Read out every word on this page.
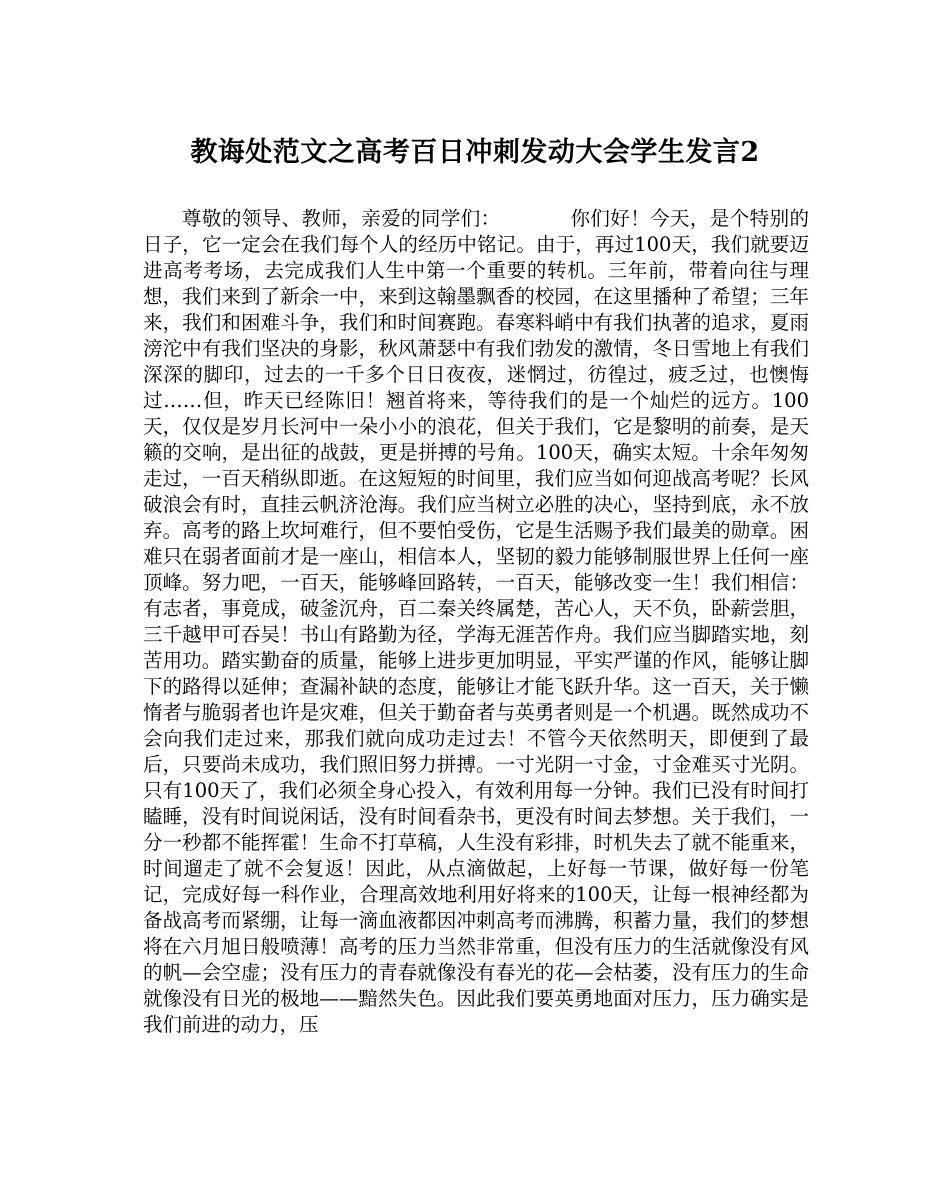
教诲处范文之高考百日冲刺发动大会学生发言2

尊敬的领导、教师，亲爱的同学们：　　　　你们好！今天，是个特别的日子，它一定会在我们每个人的经历中铭记。由于，再过100天，我们就要迈进高考考场，去完成我们人生中第一个重要的转机。三年前，带着向往与理想，我们来到了新余一中，来到这翰墨飘香的校园，在这里播种了希望；三年来，我们和困难斗争，我们和时间赛跑。春寒料峭中有我们执著的追求，夏雨滂沱中有我们坚决的身影，秋风萧瑟中有我们勃发的激情，冬日雪地上有我们深深的脚印，过去的一千多个日日夜夜，迷惘过，彷徨过，疲乏过，也懊悔过……但，昨天已经陈旧！翘首将来，等待我们的是一个灿烂的远方。100天，仅仅是岁月长河中一朵小小的浪花，但关于我们，它是黎明的前奏，是天籁的交响，是出征的战鼓，更是拼搏的号角。100天，确实太短。十余年匆匆走过，一百天稍纵即逝。在这短短的时间里，我们应当如何迎战高考呢？长风破浪会有时，直挂云帆济沧海。我们应当树立必胜的决心，坚持到底，永不放弃。高考的路上坎坷难行，但不要怕受伤，它是生活赐予我们最美的勋章。困难只在弱者面前才是一座山，相信本人，坚韧的毅力能够制服世界上任何一座顶峰。努力吧，一百天，能够峰回路转，一百天，能够改变一生！我们相信：有志者，事竟成，破釜沉舟，百二秦关终属楚，苦心人，天不负，卧薪尝胆，三千越甲可吞吴！书山有路勤为径，学海无涯苦作舟。我们应当脚踏实地，刻苦用功。踏实勤奋的质量，能够上进步更加明显，平实严谨的作风，能够让脚下的路得以延伸；查漏补缺的态度，能够让才能飞跃升华。这一百天，关于懒惰者与脆弱者也许是灾难，但关于勤奋者与英勇者则是一个机遇。既然成功不会向我们走过来，那我们就向成功走过去！不管今天依然明天，即便到了最后，只要尚未成功，我们照旧努力拼搏。一寸光阴一寸金，寸金难买寸光阴。只有100天了，我们必须全身心投入，有效利用每一分钟。我们已没有时间打瞌睡，没有时间说闲话，没有时间看杂书，更没有时间去梦想。关于我们，一分一秒都不能挥霍！生命不打草稿，人生没有彩排，时机失去了就不能重来，时间遛走了就不会复返！因此，从点滴做起，上好每一节课，做好每一份笔记，完成好每一科作业，合理高效地利用好将来的100天，让每一根神经都为备战高考而紧绷，让每一滴血液都因冲刺高考而沸腾，积蓄力量，我们的梦想将在六月旭日般喷薄！高考的压力当然非常重，但没有压力的生活就像没有风的帆—会空虚；没有压力的青春就像没有春光的花—会枯萎，没有压力的生命就像没有日光的极地——黯然失色。因此我们要英勇地面对压力，压力确实是我们前进的动力，压
